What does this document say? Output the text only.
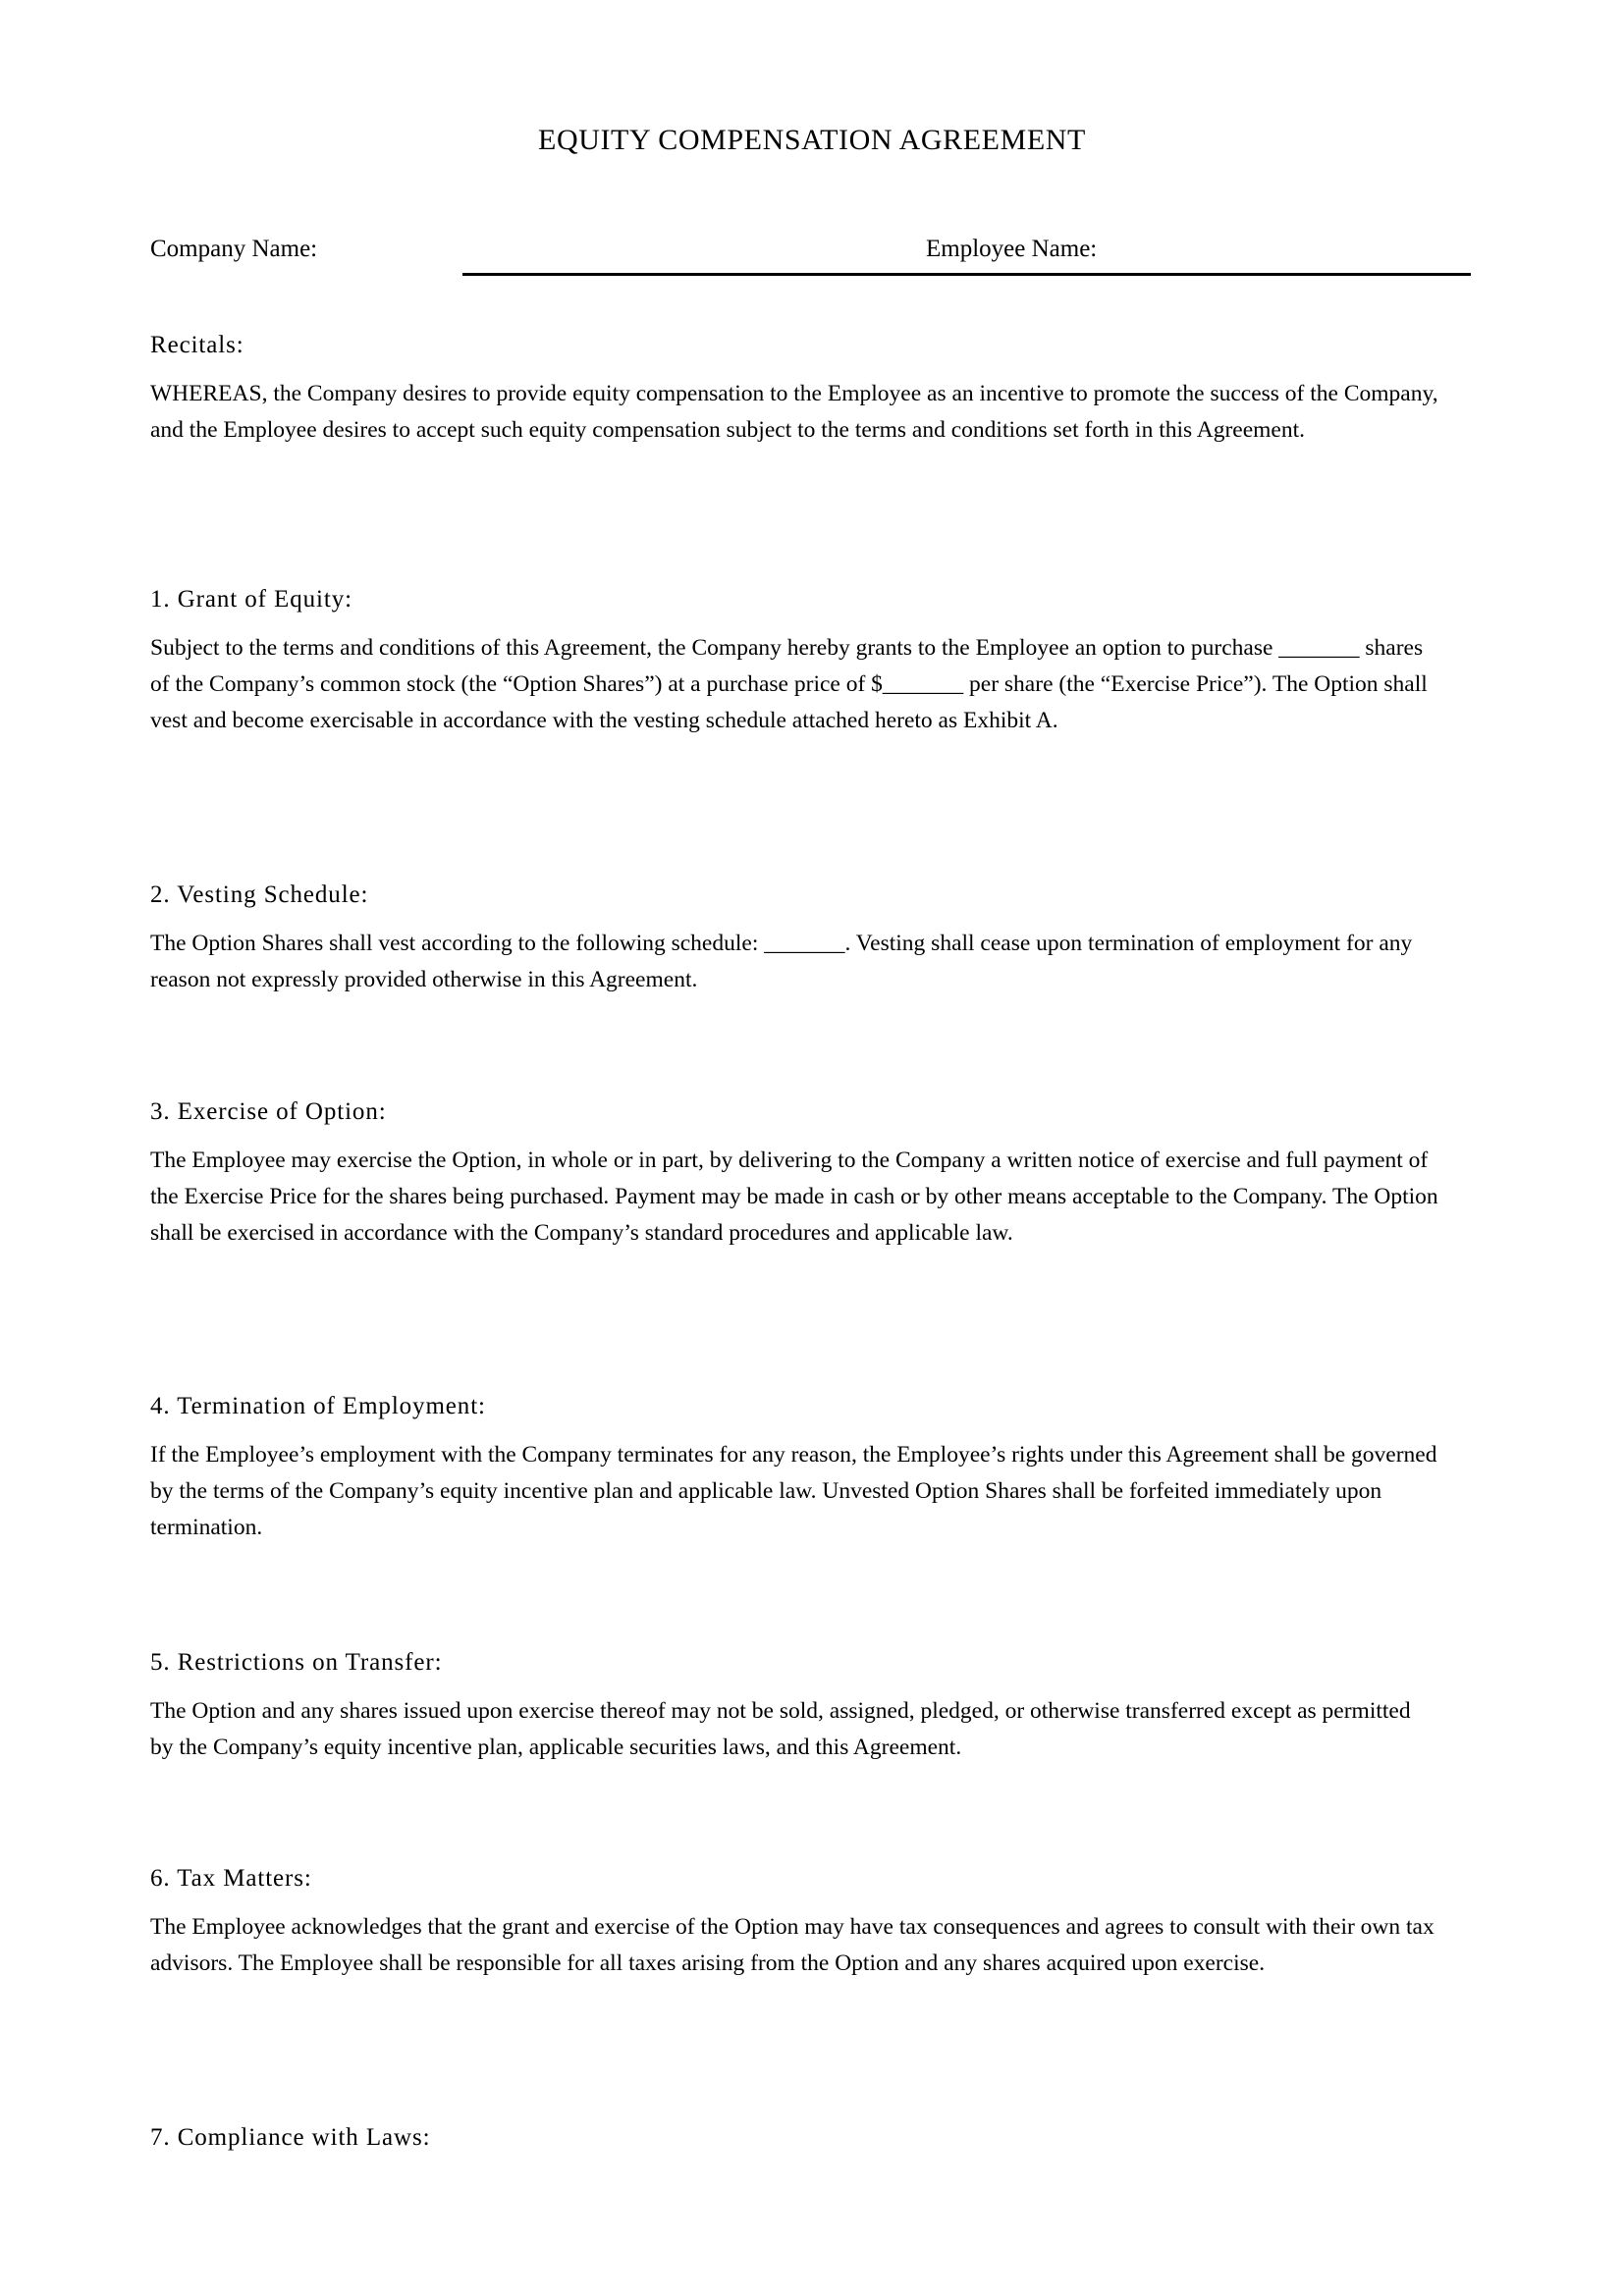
EQUITY COMPENSATION AGREEMENT
Company Name:	Employee Name:
Recitals:

WHEREAS, the Company desires to provide equity compensation to the Employee as an incentive to promote the success of the Company, and the Employee desires to accept such equity compensation subject to the terms and conditions set forth in this Agreement.

1. Grant of Equity:

Subject to the terms and conditions of this Agreement, the Company hereby grants to the Employee an option to purchase _______ shares of the Company’s common stock (the “Option Shares”) at a purchase price of $_______ per share (the “Exercise Price”). The Option shall vest and become exercisable in accordance with the vesting schedule attached hereto as Exhibit A.

2. Vesting Schedule:

The Option Shares shall vest according to the following schedule: _______. Vesting shall cease upon termination of employment for any reason not expressly provided otherwise in this Agreement.

3. Exercise of Option:

The Employee may exercise the Option, in whole or in part, by delivering to the Company a written notice of exercise and full payment of the Exercise Price for the shares being purchased. Payment may be made in cash or by other means acceptable to the Company. The Option shall be exercised in accordance with the Company’s standard procedures and applicable law.

4. Termination of Employment:

If the Employee’s employment with the Company terminates for any reason, the Employee’s rights under this Agreement shall be governed by the terms of the Company’s equity incentive plan and applicable law. Unvested Option Shares shall be forfeited immediately upon termination.

5. Restrictions on Transfer:

The Option and any shares issued upon exercise thereof may not be sold, assigned, pledged, or otherwise transferred except as permitted by the Company’s equity incentive plan, applicable securities laws, and this Agreement.

6. Tax Matters:

The Employee acknowledges that the grant and exercise of the Option may have tax consequences and agrees to consult with their own tax advisors. The Employee shall be responsible for all taxes arising from the Option and any shares acquired upon exercise.

7. Compliance with Laws:
